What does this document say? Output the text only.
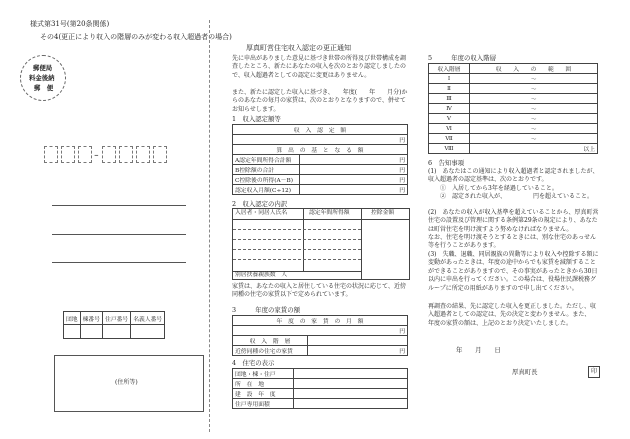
様式第31号(第20条関係)
その4(更正により収入の階層のみが変わる収入超過者の場合)
郵便局
料金後納
郵　便
-
団地	棟番号	住戸番号	名義人番号

(住所等)
厚真町営住宅収入認定の更正通知
先に申出がありました意見に基づき世帯の所得及び世帯構成を調査したところ、新たにあなたの収入を次のとおり認定しましたので、収入超過者としての認定に変更はありません。
また、新たに認定した収入に基づき、　　年度(　　年　　月分)からのあなたの毎月の家賃は、次のとおりとなりますので、併せてお知らせします。
1　収入認定額等
収　入　認　定　額
円
算　出　の　基　と　な　る　額
A認定年間所得合計額	円
B控除額の合計	円
C控除後の所得(A－B)	円
認定収入月額(C÷12)	円
2　収入認定の内訳
入居者・同居人氏名	認定年間所得額	控除金額
別居扶養親族数　人
家賃は、あなたの収入と居住している住宅の状況に応じて、近傍同種の住宅の家賃以下で定められています。
3　　　年度の家賃の額
年　度　の　家　賃　の　月　額	
円	
収　入　階　層	
近傍同種の住宅の家賃	円
4　住宅の表示
団地・棟・住戸	
所　在　地	
建　設　年　度	
住戸専用面積	
5　　　年度の収入階層
収入階層	収　　入　　の　　範　　囲
Ⅰ	～
Ⅱ	～
Ⅲ	～
Ⅳ	～
Ⅴ	～
Ⅵ	～
Ⅶ	～
Ⅷ	以上
6　告知事項
(1)　あなたはこの通知により収入超過者と認定されましたが、収入超過者の認定基準は、次のとおりです。
①　入居してから3年を経過していること。
②　認定された収入が、　　　　　円を超えていること。
(2)　あなたの収入が収入基準を超えていることから、厚真町営住宅の設置及び管理に関する条例第29条の規定により、あなたは町営住宅を明け渡すよう努めなければなりません。
なお、住宅を明け渡そうとするときには、別な住宅のあっせん等を行うことがあります。
(3)　失職、退職、同居親族の異動等により収入や控除する額に変動があったときは、年度の途中からでも家賃を減額することができることがありますので、その事実があったときから30日以内に申出を行ってください。この場合は、役場住民課税務グループに所定の用紙がありますので申し出てください。
再調査の結果、先に認定した収入を更正しました。ただし、収入超過者としての認定は、先の決定と変わりません。また、　　年度の家賃の額は、上記のとおり決定いたしました。
年　　月　　日
厚真町長	印
